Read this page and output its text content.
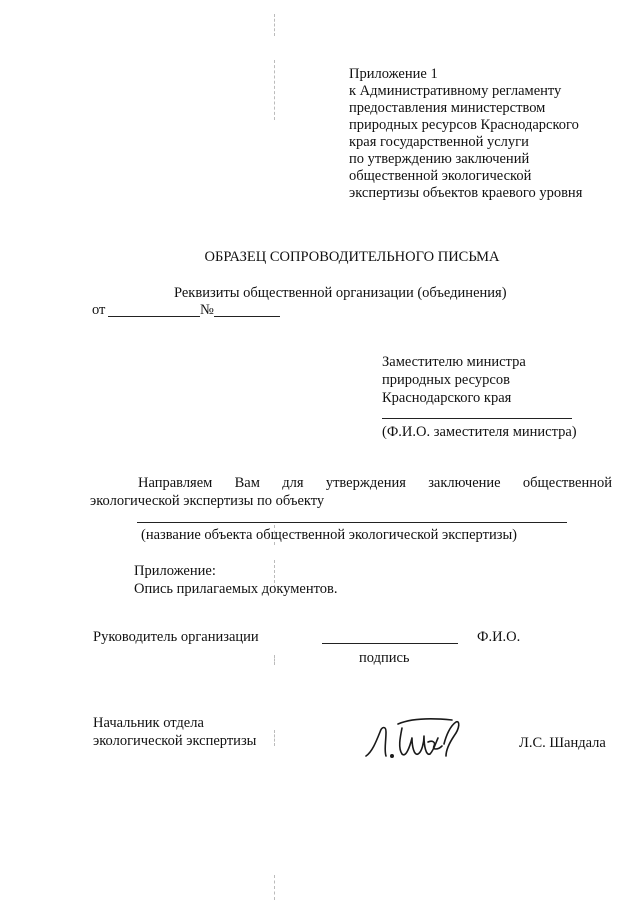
Приложение 1
к Административному регламенту
предоставления министерством
природных ресурсов Краснодарского
края государственной услуги
по утверждению заключений
общественной экологической
экспертизы объектов краевого уровня
ОБРАЗЕЦ СОПРОВОДИТЕЛЬНОГО ПИСЬМА
Реквизиты общественной организации (объединения)
от	№
Заместителю министра
природных ресурсов
Краснодарского края
(Ф.И.О. заместителя министра)
Направляем Вам для утверждения заключение общественной
экологической экспертизы по объекту
(название объекта общественной экологической экспертизы)
Приложение:
Опись прилагаемых документов.
Руководитель организации	Ф.И.О.
подпись
Начальник отдела
экологической экспертизы	Л.С. Шандала
